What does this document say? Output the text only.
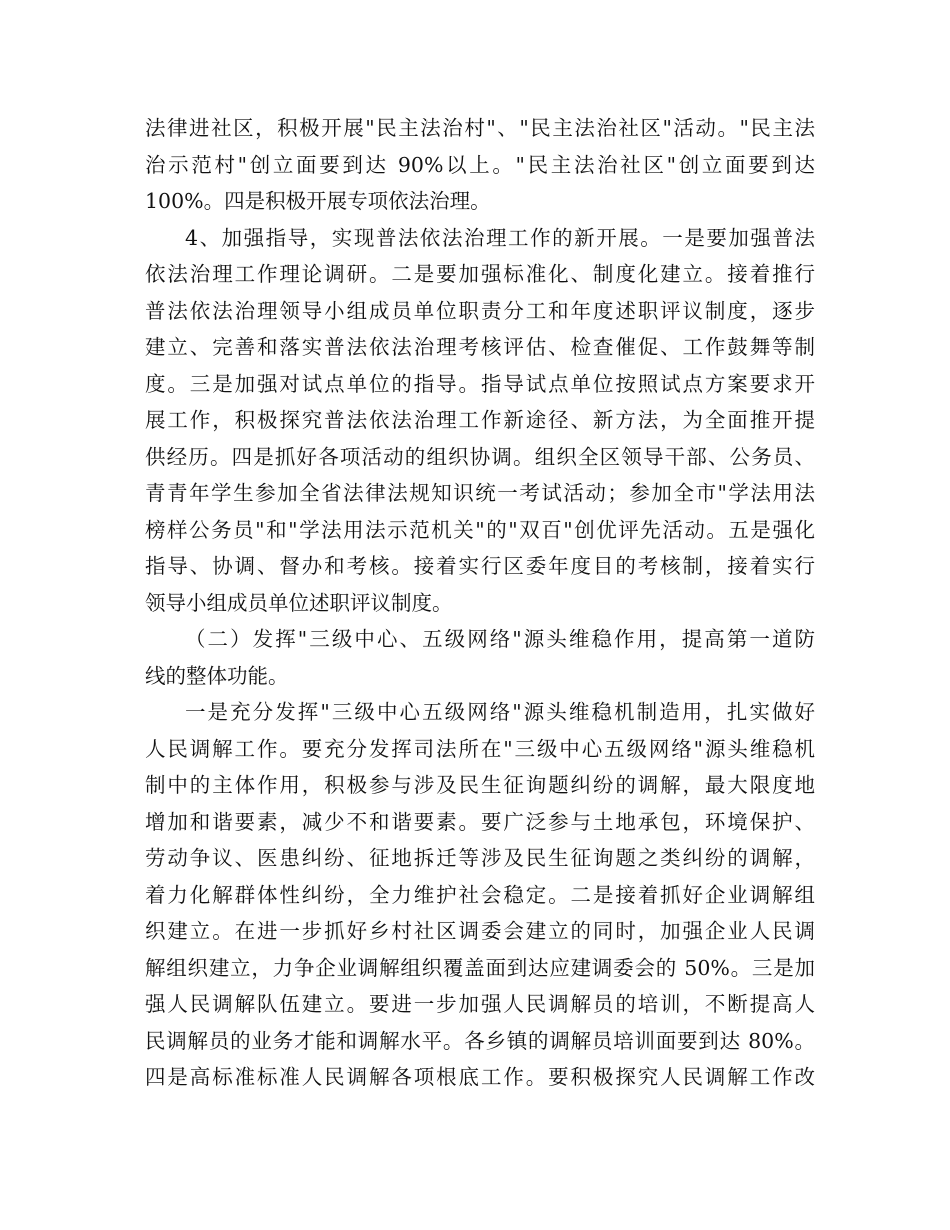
法律进社区，积极开展"民主法治村"、"民主法治社区"活动。"民主法
治示范村"创立面要到达 90%以上。"民主法治社区"创立面要到达
100%。四是积极开展专项依法治理。
4、加强指导，实现普法依法治理工作的新开展。一是要加强普法
依法治理工作理论调研。二是要加强标准化、制度化建立。接着推行
普法依法治理领导小组成员单位职责分工和年度述职评议制度，逐步
建立、完善和落实普法依法治理考核评估、检查催促、工作鼓舞等制
度。三是加强对试点单位的指导。指导试点单位按照试点方案要求开
展工作，积极探究普法依法治理工作新途径、新方法，为全面推开提
供经历。四是抓好各项活动的组织协调。组织全区领导干部、公务员、
青青年学生参加全省法律法规知识统一考试活动；参加全市"学法用法
榜样公务员"和"学法用法示范机关"的"双百"创优评先活动。五是强化
指导、协调、督办和考核。接着实行区委年度目的考核制，接着实行
领导小组成员单位述职评议制度。
（二）发挥"三级中心、五级网络"源头维稳作用，提高第一道防
线的整体功能。
一是充分发挥"三级中心五级网络"源头维稳机制造用，扎实做好
人民调解工作。要充分发挥司法所在"三级中心五级网络"源头维稳机
制中的主体作用，积极参与涉及民生征询题纠纷的调解，最大限度地
增加和谐要素，减少不和谐要素。要广泛参与土地承包，环境保护、
劳动争议、医患纠纷、征地拆迁等涉及民生征询题之类纠纷的调解，
着力化解群体性纠纷，全力维护社会稳定。二是接着抓好企业调解组
织建立。在进一步抓好乡村社区调委会建立的同时，加强企业人民调
解组织建立，力争企业调解组织覆盖面到达应建调委会的 50%。三是加
强人民调解队伍建立。要进一步加强人民调解员的培训，不断提高人
民调解员的业务才能和调解水平。各乡镇的调解员培训面要到达 80%。
四是高标准标准人民调解各项根底工作。要积极探究人民调解工作改
